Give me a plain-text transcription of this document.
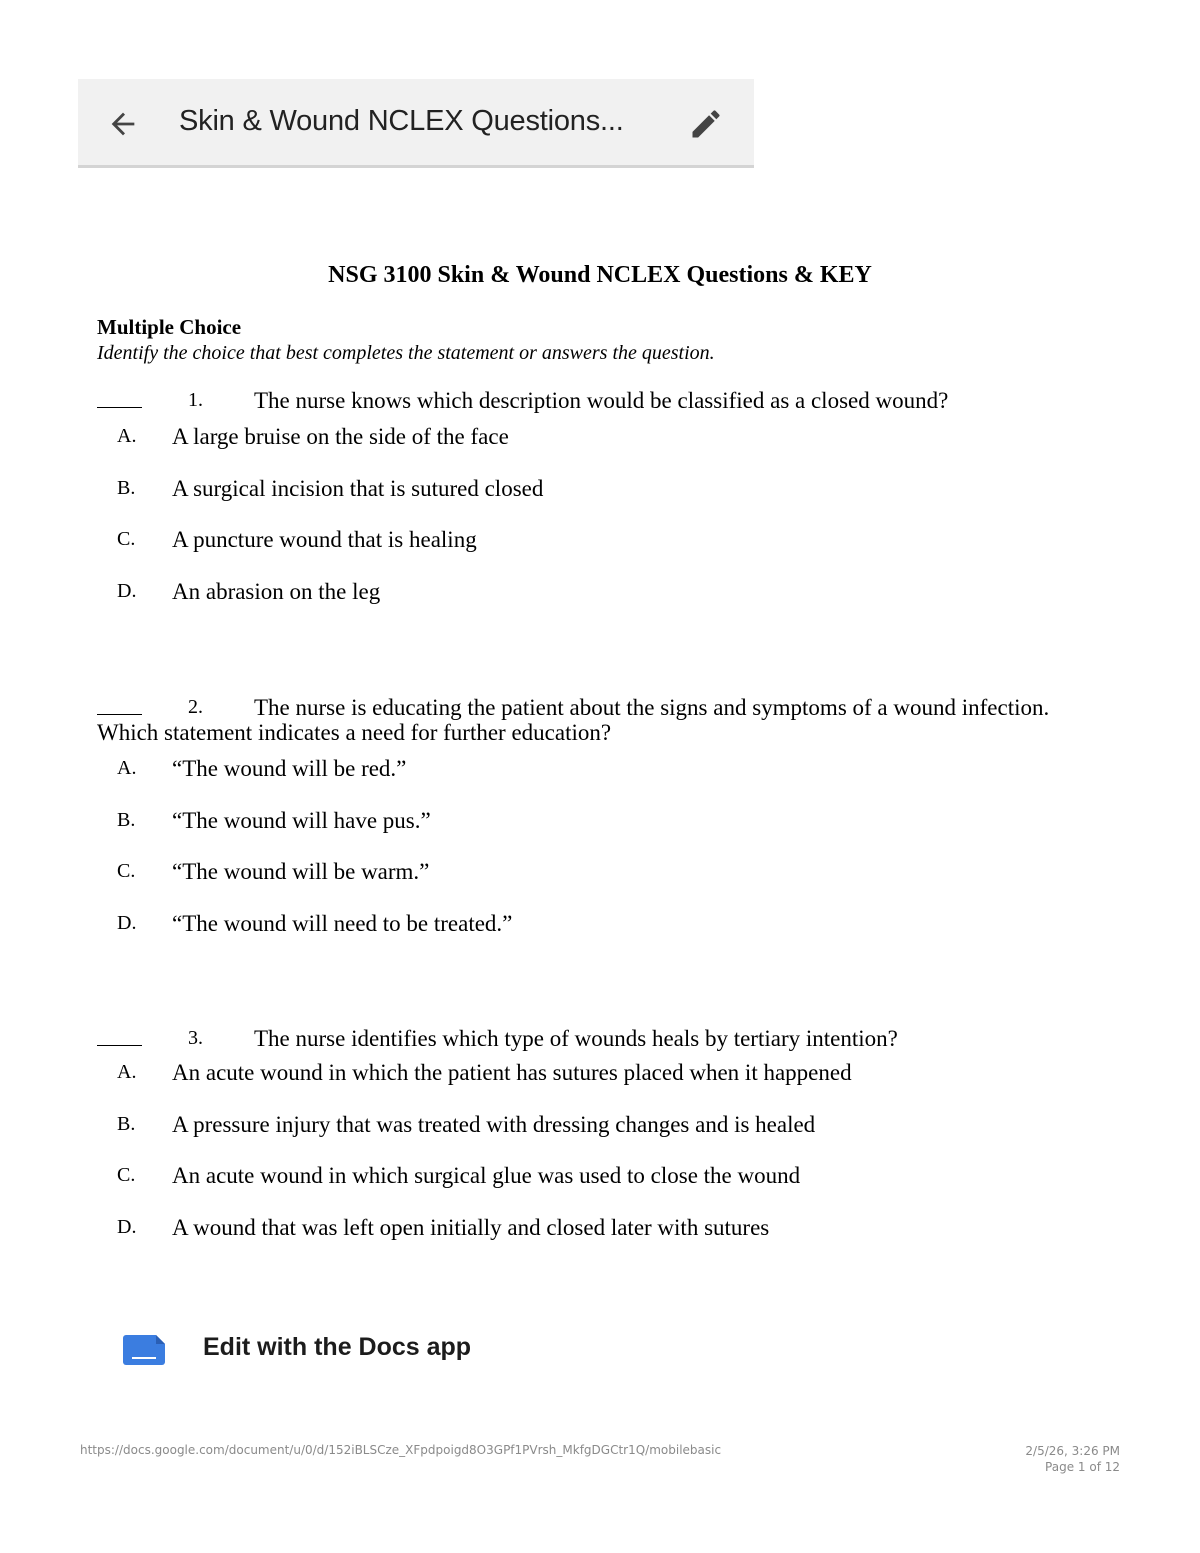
Skin & Wound NCLEX Questions...
NSG 3100 Skin & Wound NCLEX Questions & KEY
Multiple Choice
Identify the choice that best completes the statement or answers the question.
1.	The nurse knows which description would be classified as a closed wound?

A. A large bruise on the side of the face
B. A surgical incision that is sutured closed
C. A puncture wound that is healing
D. An abrasion on the leg
2.	The nurse is educating the patient about the signs and symptoms of a wound infection. Which statement indicates a need for further education?

A. “The wound will be red.”
B. “The wound will have pus.”
C. “The wound will be warm.”
D. “The wound will need to be treated.”
3.	The nurse identifies which type of wounds heals by tertiary intention?

A. An acute wound in which the patient has sutures placed when it happened
B. A pressure injury that was treated with dressing changes and is healed
C. An acute wound in which surgical glue was used to close the wound
D. A wound that was left open initially and closed later with sutures
Edit with the Docs app
https://docs.google.com/document/u/0/d/152iBLSCze_XFpdpoigd8O3GPf1PVrsh_MkfgDGCtr1Q/mobilebasic	2/5/26, 3:26 PM
Page 1 of 12
